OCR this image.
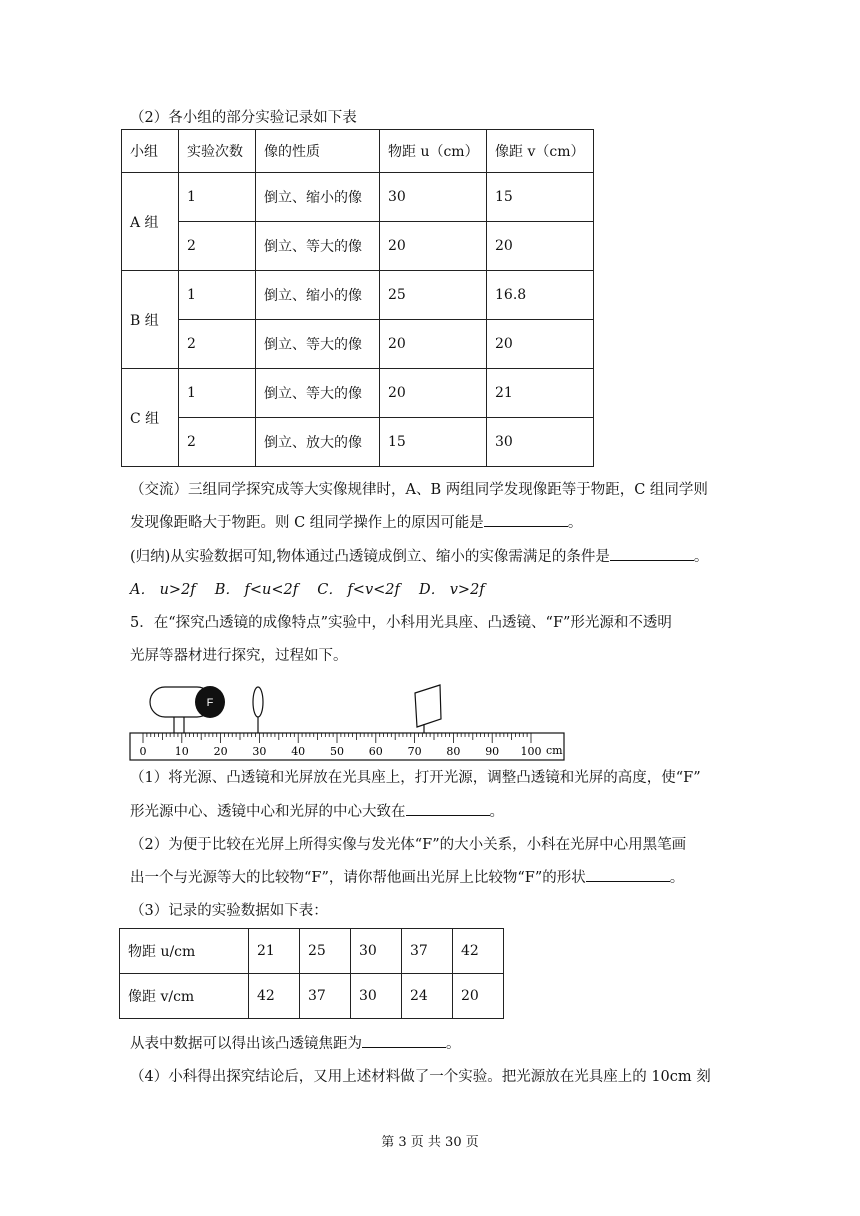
（2）各小组的部分实验记录如下表
小组	实验次数	像的性质	物距 u（cm）	像距 v（cm）
A 组	1	倒立、缩小的像	30	15
	2	倒立、等大的像	20	20
B 组	1	倒立、缩小的像	25	16.8
	2	倒立、等大的像	20	20
C 组	1	倒立、等大的像	20	21
	2	倒立、放大的像	15	30
（交流）三组同学探究成等大实像规律时，A、B 两组同学发现像距等于物距，C 组同学则
发现像距略大于物距。则 C 组同学操作上的原因可能是	。
(归纳)从实验数据可知,物体通过凸透镜成倒立、缩小的实像需满足的条件是	。
A． u>2f　 B． f<u<2f　 C． f<v<2f　 D． v>2f
5．在“探究凸透镜的成像特点”实验中，小科用光具座、凸透镜、“F”形光源和不透明
光屏等器材进行探究，过程如下。
0	10 20 30 40 50 60 70 80 90 100 cm
F
（1）将光源、凸透镜和光屏放在光具座上，打开光源，调整凸透镜和光屏的高度，使“F”
形光源中心、透镜中心和光屏的中心大致在	。
（2）为便于比较在光屏上所得实像与发光体“F”的大小关系，小科在光屏中心用黑笔画
出一个与光源等大的比较物“F”，请你帮他画出光屏上比较物“F”的形状	。
（3）记录的实验数据如下表：
物距 u/cm	21	25	30	37	42
像距 v/cm	42	37	30	24	20
从表中数据可以得出该凸透镜焦距为	。
（4）小科得出探究结论后，又用上述材料做了一个实验。把光源放在光具座上的 10cm 刻
第 3 页 共 30 页
